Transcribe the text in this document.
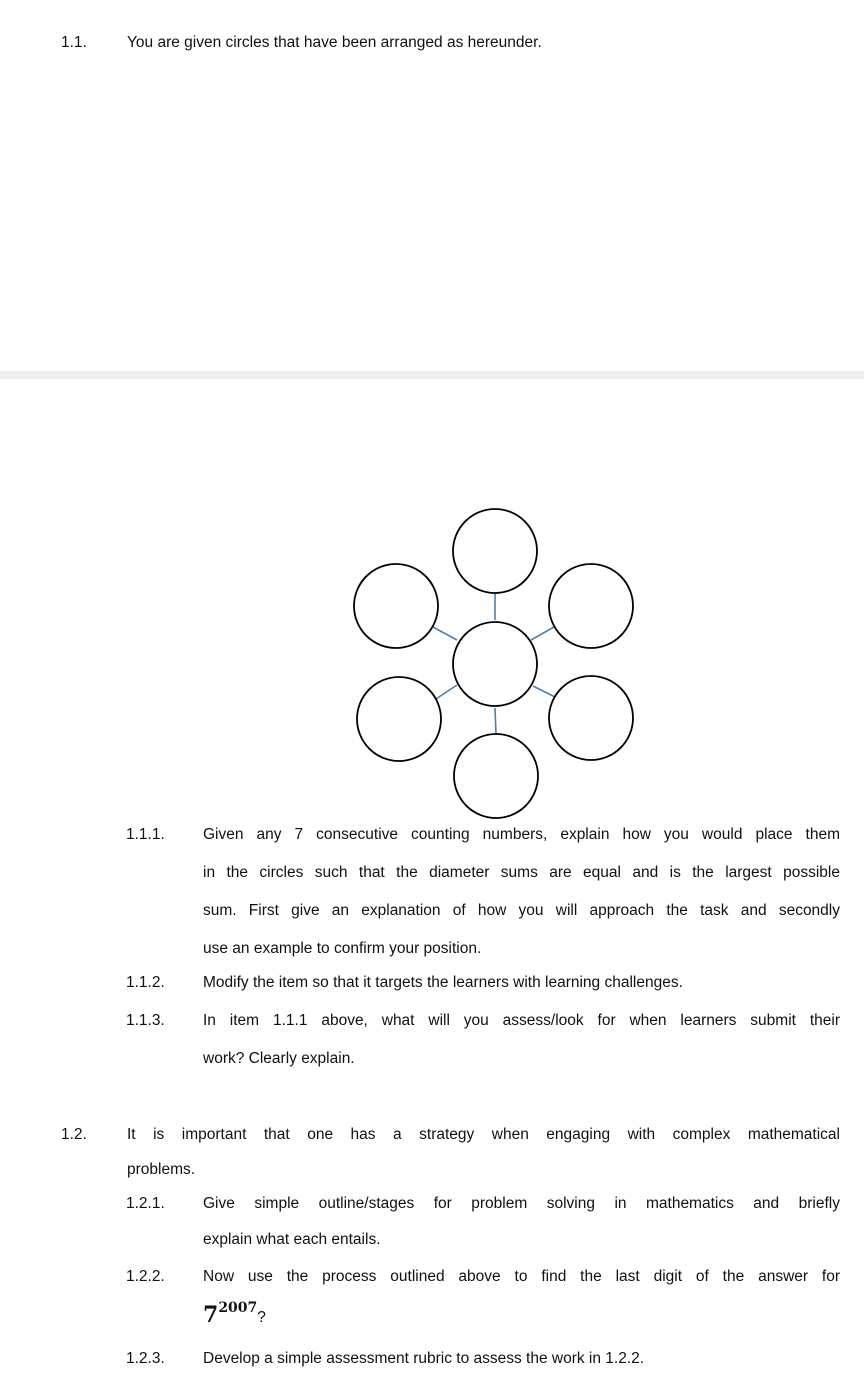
1.1.	You are given circles that have been arranged as hereunder.
1.1.1. Given any 7 consecutive counting numbers, explain how you would place them
in the circles such that the diameter sums are equal and is the largest possible
sum. First give an explanation of how you will approach the task and secondly
use an example to confirm your position.
1.1.2. Modify the item so that it targets the learners with learning challenges.
1.1.3. In item 1.1.1 above, what will you assess/look for when learners submit their
work? Clearly explain.
1.2.	It is important that one has a strategy when engaging with complex mathematical
problems.
1.2.1. Give simple outline/stages for problem solving in mathematics and briefly
explain what each entails.
1.2.2. Now use the process outlined above to find the last digit of the answer for
72007?
1.2.3. Develop a simple assessment rubric to assess the work in 1.2.2.
